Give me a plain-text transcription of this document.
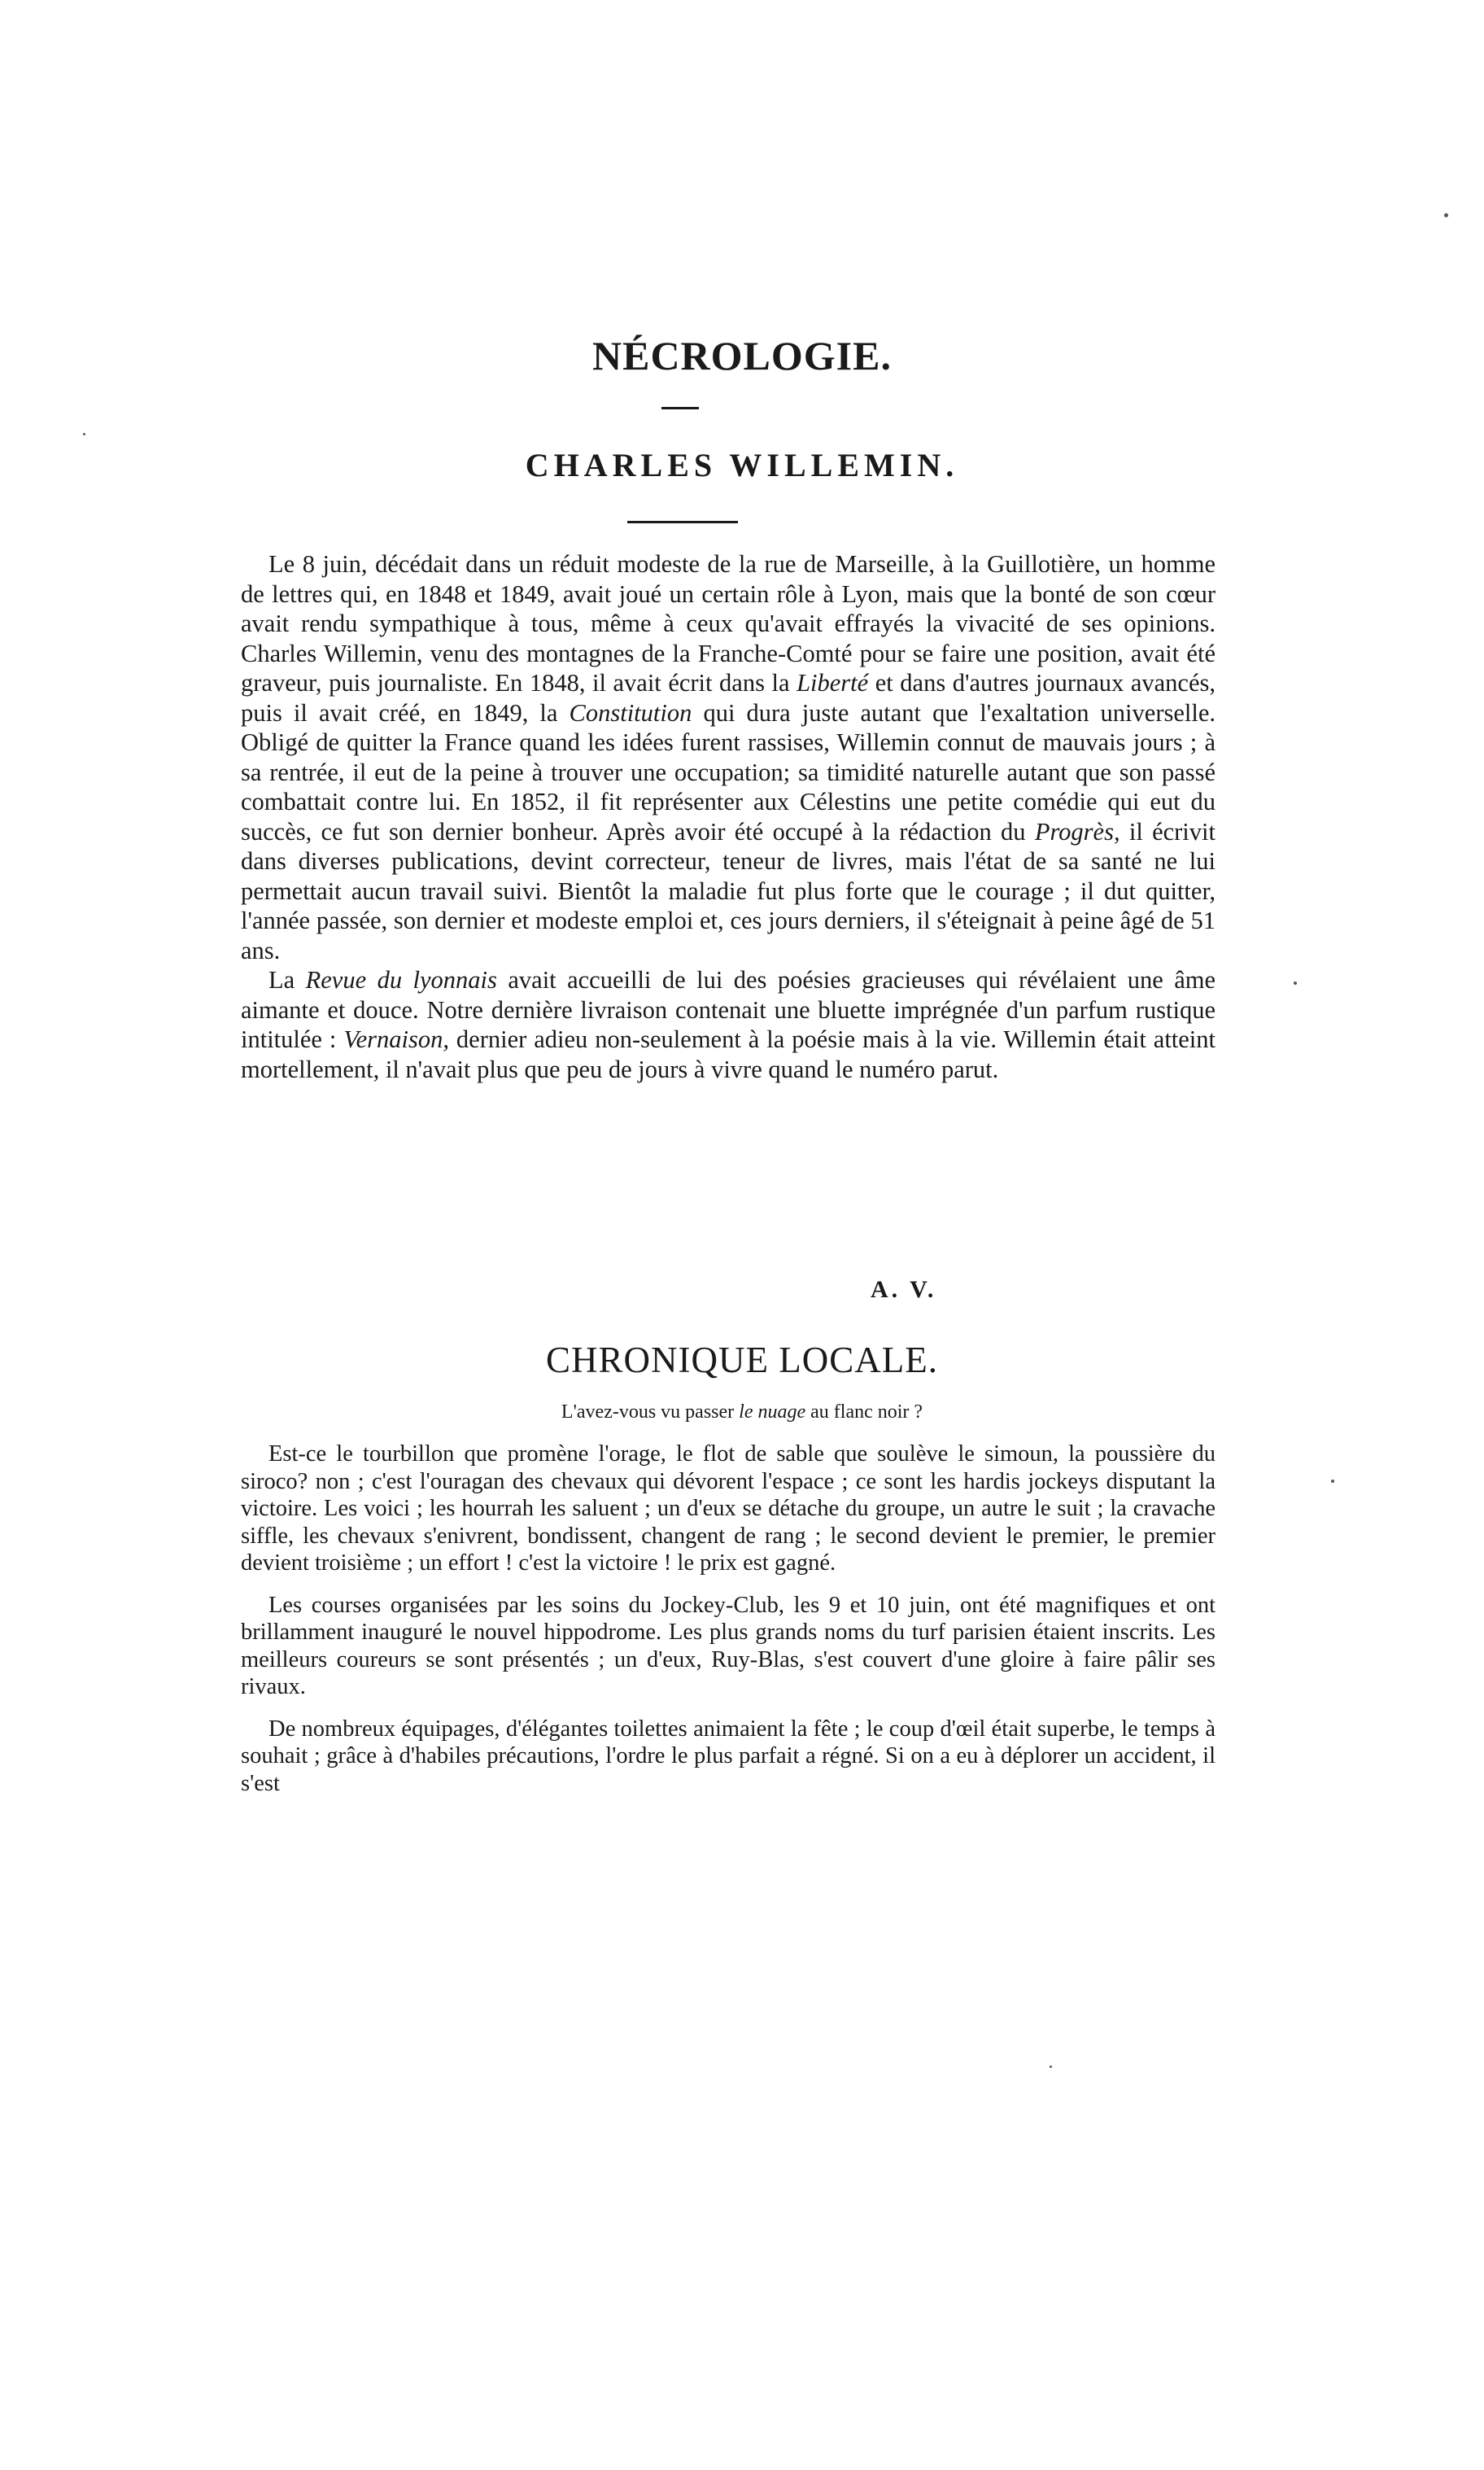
NÉCROLOGIE.
CHARLES WILLEMIN.

Le 8 juin, décédait dans un réduit modeste de la rue de Marseille, à la Guillotière, un homme de lettres qui, en 1848 et 1849, avait joué un certain rôle à Lyon, mais que la bonté de son cœur avait rendu sympathique à tous, même à ceux qu'avait effrayés la vivacité de ses opinions. Charles Willemin, venu des montagnes de la Franche-Comté pour se faire une position, avait été graveur, puis journaliste. En 1848, il avait écrit dans la Liberté et dans d'autres journaux avancés, puis il avait créé, en 1849, la Constitution qui dura juste autant que l'exaltation universelle. Obligé de quitter la France quand les idées furent rassises, Willemin connut de mauvais jours ; à sa rentrée, il eut de la peine à trouver une occupation; sa timidité naturelle autant que son passé combattait contre lui. En 1852, il fit représenter aux Célestins une petite comédie qui eut du succès, ce fut son dernier bonheur. Après avoir été occupé à la rédaction du Progrès, il écrivit dans diverses publications, devint correcteur, teneur de livres, mais l'état de sa santé ne lui permettait aucun travail suivi. Bientôt la maladie fut plus forte que le courage ; il dut quitter, l'année passée, son dernier et modeste emploi et, ces jours derniers, il s'éteignait à peine âgé de 51 ans.

La Revue du lyonnais avait accueilli de lui des poésies gracieuses qui révélaient une âme aimante et douce. Notre dernière livraison contenait une bluette imprégnée d'un parfum rustique intitulée : Vernaison, dernier adieu non-seulement à la poésie mais à la vie. Willemin était atteint mortellement, il n'avait plus que peu de jours à vivre quand le numéro parut.

A. V.
CHRONIQUE LOCALE.
L'avez-vous vu passer le nuage au flanc noir ?

Est-ce le tourbillon que promène l'orage, le flot de sable que soulève le simoun, la poussière du siroco? non ; c'est l'ouragan des chevaux qui dévorent l'espace ; ce sont les hardis jockeys disputant la victoire. Les voici ; les hourrah les saluent ; un d'eux se détache du groupe, un autre le suit ; la cravache siffle, les chevaux s'enivrent, bondissent, changent de rang ; le second devient le premier, le premier devient troisième ; un effort ! c'est la victoire ! le prix est gagné.

Les courses organisées par les soins du Jockey-Club, les 9 et 10 juin, ont été magnifiques et ont brillamment inauguré le nouvel hippodrome. Les plus grands noms du turf parisien étaient inscrits. Les meilleurs coureurs se sont présentés ; un d'eux, Ruy-Blas, s'est couvert d'une gloire à faire pâlir ses rivaux.

De nombreux équipages, d'élégantes toilettes animaient la fête ; le coup d'œil était superbe, le temps à souhait ; grâce à d'habiles précautions, l'ordre le plus parfait a régné. Si on a eu à déplorer un accident, il s'est
